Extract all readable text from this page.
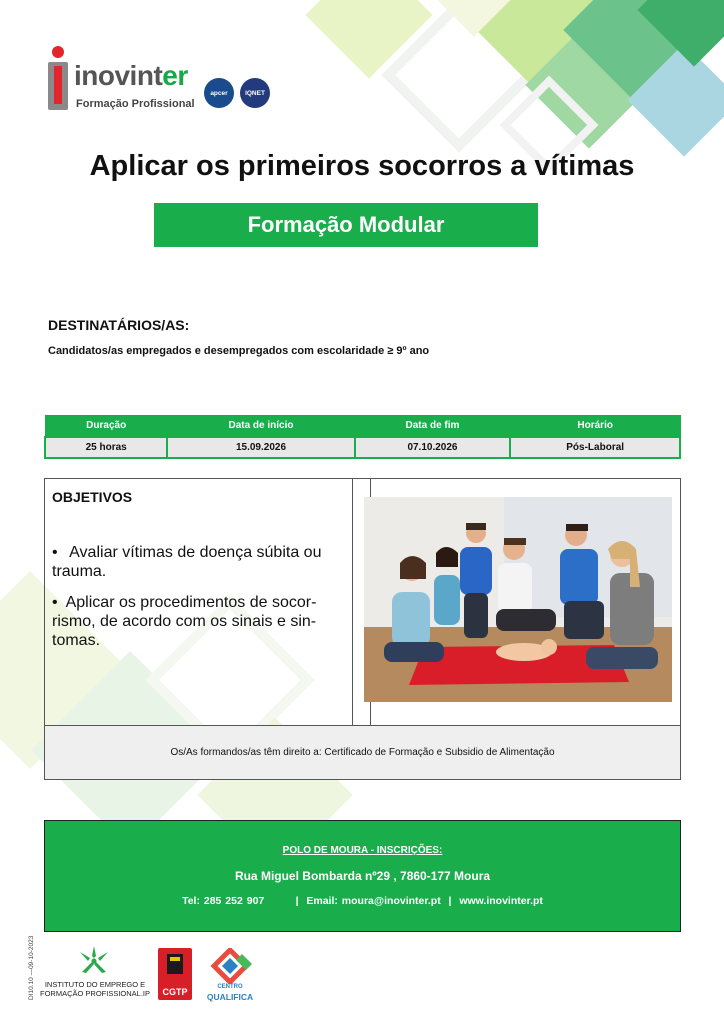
inovinter
Formação Profissional
apcer	IQNET
Aplicar os primeiros socorros a vítimas
Formação Modular
DESTINATÁRIOS/AS:
Candidatos/as empregados e desempregados com escolaridade ≥ 9º ano
Duração	Data de início	Data de fim	Horário
25 horas	15.09.2026	07.10.2026	Pós-Laboral
OBJETIVOS
• Avaliar vítimas de doença súbita ou trauma.
• Aplicar os procedimentos de socor-rismo, de acordo com os sinais e sin-tomas.
Os/As formandos/as têm direito a: Certificado de Formação e Subsidio de Alimentação
POLO DE MOURA - INSCRIÇÕES:
Rua Miguel Bombarda nº29 , 7860-177 Moura
Tel: 285 252 907        |  Email: moura@inovinter.pt  |  www.inovinter.pt
DI10.10 —09-10-2023	INSTITUTO DO EMPREGO E FORMAÇÃO PROFISSIONAL.IP	CGTP	CENTRO
QUALIFICA
